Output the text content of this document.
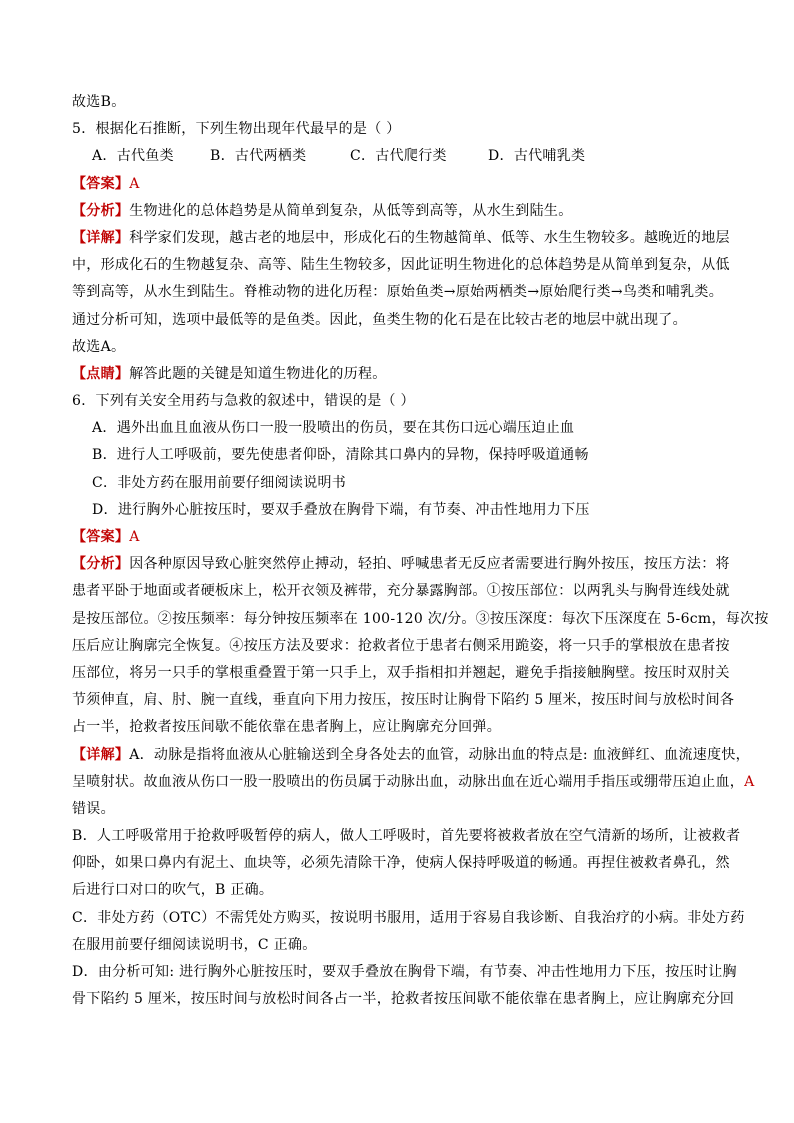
故选B。
5．根据化石推断，下列生物出现年代最早的是（ ）
A．古代鱼类	B．古代两栖类	C．古代爬行类	D．古代哺乳类
【答案】A
【分析】生物进化的总体趋势是从简单到复杂，从低等到高等，从水生到陆生。
【详解】科学家们发现，越古老的地层中，形成化石的生物越简单、低等、水生生物较多。越晚近的地层
中，形成化石的生物越复杂、高等、陆生生物较多，因此证明生物进化的总体趋势是从简单到复杂，从低
等到高等，从水生到陆生。脊椎动物的进化历程：原始鱼类→原始两栖类→原始爬行类→鸟类和哺乳类。
通过分析可知，选项中最低等的是鱼类。因此，鱼类生物的化石是在比较古老的地层中就出现了。
故选A。
【点睛】解答此题的关键是知道生物进化的历程。
6．下列有关安全用药与急救的叙述中，错误的是（ ）
A．遇外出血且血液从伤口一股一股喷出的伤员，要在其伤口远心端压迫止血
B．进行人工呼吸前，要先使患者仰卧，清除其口鼻内的异物，保持呼吸道通畅
C．非处方药在服用前要仔细阅读说明书
D．进行胸外心脏按压时，要双手叠放在胸骨下端，有节奏、冲击性地用力下压
【答案】A
【分析】因各种原因导致心脏突然停止搏动，轻拍、呼喊患者无反应者需要进行胸外按压，按压方法：将
患者平卧于地面或者硬板床上，松开衣领及裤带，充分暴露胸部。①按压部位：以两乳头与胸骨连线处就
是按压部位。②按压频率：每分钟按压频率在 100-120 次/分。③按压深度：每次下压深度在 5-6cm，每次按
压后应让胸廓完全恢复。④按压方法及要求：抢救者位于患者右侧采用跪姿，将一只手的掌根放在患者按
压部位，将另一只手的掌根重叠置于第一只手上，双手指相扣并翘起，避免手指接触胸壁。按压时双肘关
节须伸直，肩、肘、腕一直线，垂直向下用力按压，按压时让胸骨下陷约 5 厘米，按压时间与放松时间各
占一半，抢救者按压间歇不能依靠在患者胸上，应让胸廓充分回弹。
【详解】A．动脉是指将血液从心脏输送到全身各处去的血管，动脉出血的特点是: 血液鲜红、血流速度快，
呈喷射状。故血液从伤口一股一股喷出的伤员属于动脉出血，动脉出血在近心端用手指压或绷带压迫止血，A
错误。
B．人工呼吸常用于抢救呼吸暂停的病人，做人工呼吸时，首先要将被救者放在空气清新的场所，让被救者
仰卧，如果口鼻内有泥土、血块等，必须先清除干净，使病人保持呼吸道的畅通。再捏住被救者鼻孔，然
后进行口对口的吹气，B 正确。
C．非处方药（OTC）不需凭处方购买，按说明书服用，适用于容易自我诊断、自我治疗的小病。非处方药
在服用前要仔细阅读说明书，C 正确。
D．由分析可知: 进行胸外心脏按压时，要双手叠放在胸骨下端，有节奏、冲击性地用力下压，按压时让胸
骨下陷约 5 厘米，按压时间与放松时间各占一半，抢救者按压间歇不能依靠在患者胸上，应让胸廓充分回
